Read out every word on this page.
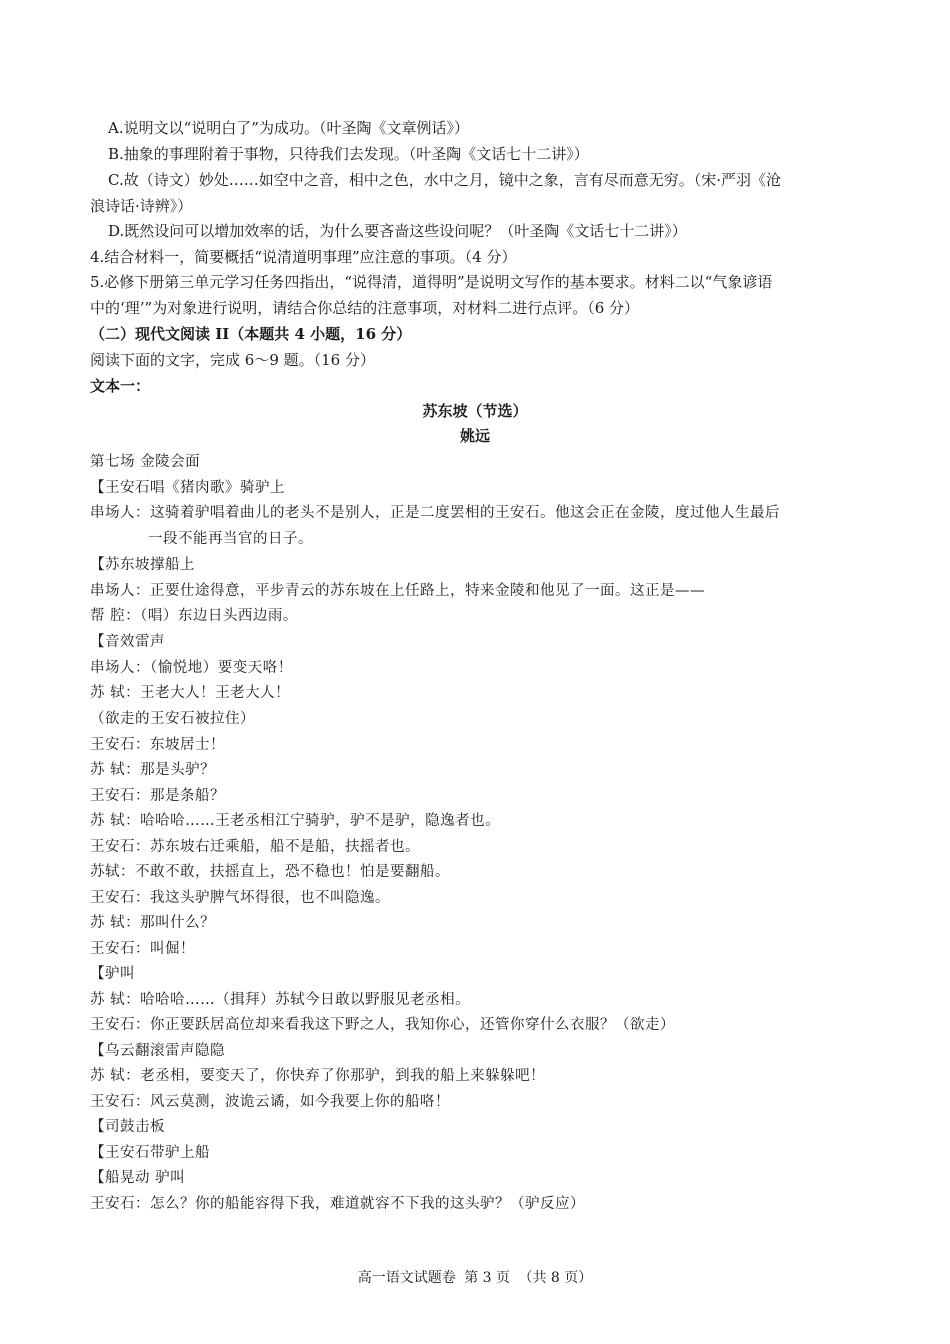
A.说明文以“说明白了”为成功。（叶圣陶《文章例话》）
B.抽象的事理附着于事物，只待我们去发现。（叶圣陶《文话七十二讲》）
C.故（诗文）妙处……如空中之音，相中之色，水中之月，镜中之象，言有尽而意无穷。（宋·严羽《沧
浪诗话·诗辨》）
D.既然设问可以增加效率的话，为什么要吝啬这些设问呢？（叶圣陶《文话七十二讲》）
4.结合材料一，简要概括“说清道明事理”应注意的事项。（4 分）
5.必修下册第三单元学习任务四指出，“说得清，道得明”是说明文写作的基本要求。材料二以“气象谚语
中的‘理’”为对象进行说明，请结合你总结的注意事项，对材料二进行点评。（6 分）
（二）现代文阅读 II（本题共 4 小题，16 分）
阅读下面的文字，完成 6～9 题。（16 分）
文本一：
苏东坡（节选）
姚远
第七场 金陵会面
【王安石唱《猪肉歌》骑驴上
串场人：这骑着驴唱着曲儿的老头不是别人，正是二度罢相的王安石。他这会正在金陵，度过他人生最后
一段不能再当官的日子。
【苏东坡撑船上
串场人：正要仕途得意，平步青云的苏东坡在上任路上，特来金陵和他见了一面。这正是——
帮 腔：（唱）东边日头西边雨。
【音效雷声
串场人：（愉悦地）要变天咯！
苏 轼：王老大人！王老大人！
（欲走的王安石被拉住）
王安石：东坡居士！
苏 轼：那是头驴？
王安石：那是条船？
苏 轼：哈哈哈……王老丞相江宁骑驴，驴不是驴，隐逸者也。
王安石：苏东坡右迁乘船，船不是船，扶摇者也。
苏轼：不敢不敢，扶摇直上，恐不稳也！怕是要翻船。
王安石：我这头驴脾气坏得很，也不叫隐逸。
苏 轼：那叫什么？
王安石：叫倔！
【驴叫
苏 轼：哈哈哈……（揖拜）苏轼今日敢以野服见老丞相。
王安石：你正要跃居高位却来看我这下野之人，我知你心，还管你穿什么衣服？（欲走）
【乌云翻滚雷声隐隐
苏 轼：老丞相，要变天了，你快弃了你那驴，到我的船上来躲躲吧！
王安石：风云莫测，波诡云谲，如今我要上你的船咯！
【司鼓击板
【王安石带驴上船
【船晃动 驴叫
王安石：怎么？你的船能容得下我，难道就容不下我的这头驴？（驴反应）
高一语文试题卷 第 3 页 （共 8 页）
